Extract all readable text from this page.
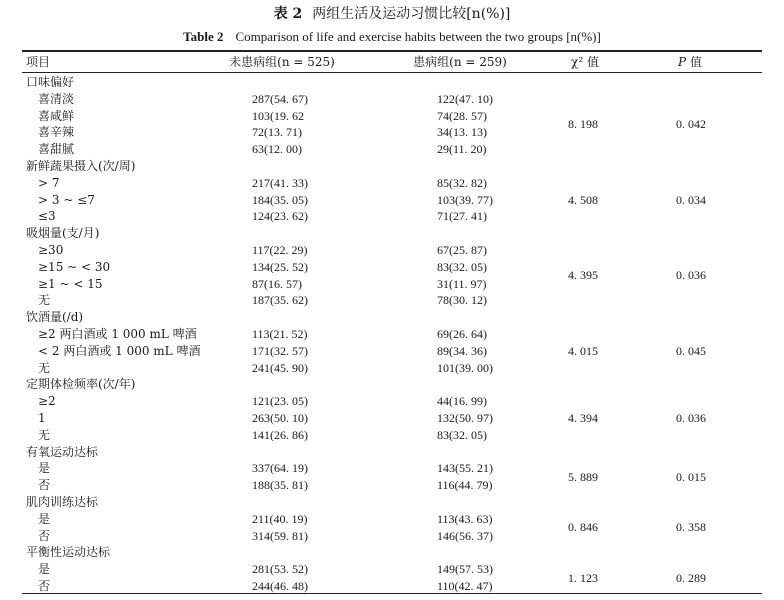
表 2 两组生活及运动习惯比较[n(%)]
Table 2 Comparison of life and exercise habits between the two groups [n(%)]
项目	未患病组(n = 525)	患病组(n = 259)	χ² 值	P 值
口味偏好
喜清淡	287(54. 67)	122(47. 10)
喜咸鲜	103(19. 62	74(28. 57)
喜辛辣	72(13. 71)	34(13. 13)
喜甜腻	63(12. 00)	29(11. 20)
8. 198	0. 042
新鲜蔬果摄入(次/周)
> 7	217(41. 33)	85(32. 82)
> 3 ~ ≤7	184(35. 05)	103(39. 77)
≤3	124(23. 62)	71(27. 41)
4. 508	0. 034
吸烟量(支/月)
≥30	117(22. 29)	67(25. 87)
≥15 ~ < 30	134(25. 52)	83(32. 05)
≥1 ~ < 15	87(16. 57)	31(11. 97)
无	187(35. 62)	78(30. 12)
4. 395	0. 036
饮酒量(/d)
≥2 两白酒或 1 000 mL 啤酒	113(21. 52)	69(26. 64)
< 2 两白酒或 1 000 mL 啤酒	171(32. 57)	89(34. 36)
无	241(45. 90)	101(39. 00)
4. 015	0. 045
定期体检频率(次/年)
≥2	121(23. 05)	44(16. 99)
1	263(50. 10)	132(50. 97)
无	141(26. 86)	83(32. 05)
4. 394	0. 036
有氧运动达标
是	337(64. 19)	143(55. 21)
否	188(35. 81)	116(44. 79)
5. 889	0. 015
肌肉训练达标
是	211(40. 19)	113(43. 63)
否	314(59. 81)	146(56. 37)
0. 846	0. 358
平衡性运动达标
是	281(53. 52)	149(57. 53)
否	244(46. 48)	110(42. 47)
1. 123	0. 289
